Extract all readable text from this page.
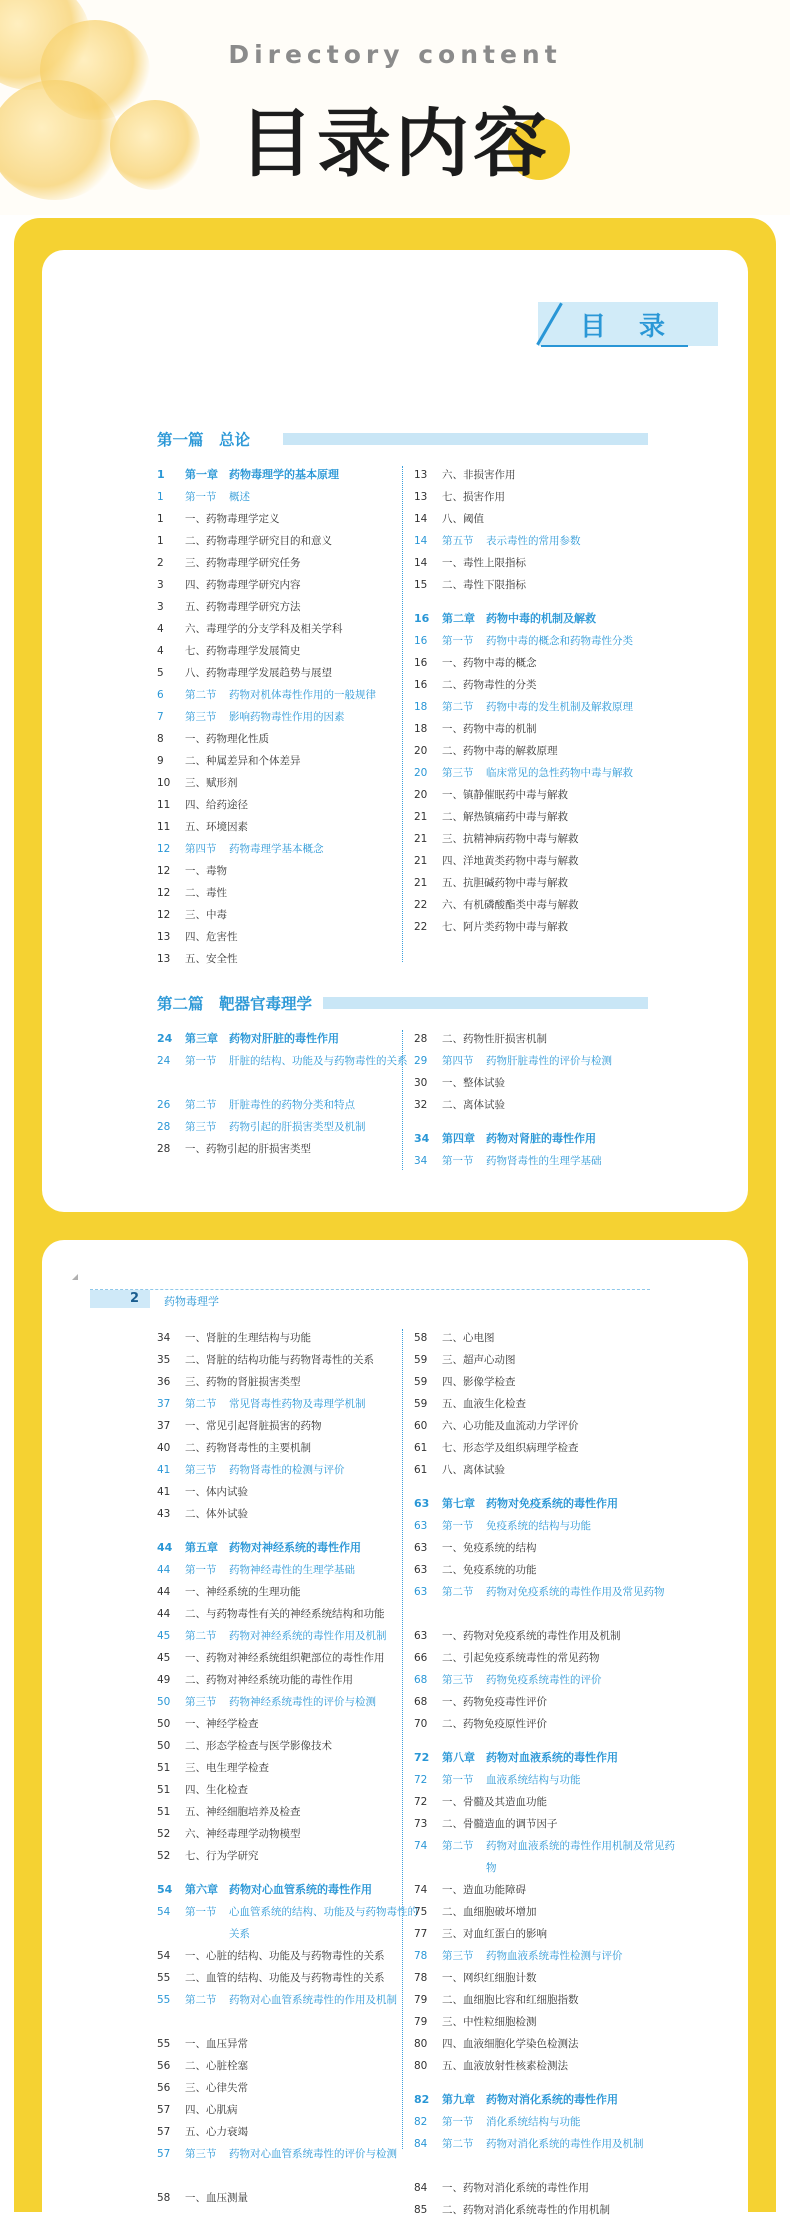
Directory content
目录内容
目 录
第一篇　总论
1	第一章	药物毒理学的基本原理
1	第一节	概述
1	一、药物毒理学定义
1	二、药物毒理学研究目的和意义
2	三、药物毒理学研究任务
3	四、药物毒理学研究内容
3	五、药物毒理学研究方法
4	六、毒理学的分支学科及相关学科
4	七、药物毒理学发展简史
5	八、药物毒理学发展趋势与展望
6	第二节	药物对机体毒性作用的一般规律
7	第三节	影响药物毒性作用的因素
8	一、药物理化性质
9	二、种属差异和个体差异
10	三、赋形剂
11	四、给药途径
11	五、环境因素
12	第四节	药物毒理学基本概念
12	一、毒物
12	二、毒性
12	三、中毒
13	四、危害性
13	五、安全性
13	六、非损害作用
13	七、损害作用
14	八、阈值
14	第五节	表示毒性的常用参数
14	一、毒性上限指标
15	二、毒性下限指标
16	第二章	药物中毒的机制及解救
16	第一节	药物中毒的概念和药物毒性分类
16	一、药物中毒的概念
16	二、药物毒性的分类
18	第二节	药物中毒的发生机制及解救原理
18	一、药物中毒的机制
20	二、药物中毒的解救原理
20	第三节	临床常见的急性药物中毒与解救
20	一、镇静催眠药中毒与解救
21	二、解热镇痛药中毒与解救
21	三、抗精神病药物中毒与解救
21	四、洋地黄类药物中毒与解救
21	五、抗胆碱药物中毒与解救
22	六、有机磷酸酯类中毒与解救
22	七、阿片类药物中毒与解救
第二篇　靶器官毒理学
24	第三章	药物对肝脏的毒性作用
24	第一节	肝脏的结构、功能及与药物毒性的关系
26	第二节	肝脏毒性的药物分类和特点
28	第三节	药物引起的肝损害类型及机制
28	一、药物引起的肝损害类型
28	二、药物性肝损害机制
29	第四节	药物肝脏毒性的评价与检测
30	一、整体试验
32	二、离体试验
34	第四章	药物对肾脏的毒性作用
34	第一节	药物肾毒性的生理学基础
2 药物毒理学
34	一、肾脏的生理结构与功能
35	二、肾脏的结构功能与药物肾毒性的关系
36	三、药物的肾脏损害类型
37	第二节	常见肾毒性药物及毒理学机制
37	一、常见引起肾脏损害的药物
40	二、药物肾毒性的主要机制
41	第三节	药物肾毒性的检测与评价
41	一、体内试验
43	二、体外试验
44	第五章	药物对神经系统的毒性作用
44	第一节	药物神经毒性的生理学基础
44	一、神经系统的生理功能
44	二、与药物毒性有关的神经系统结构和功能
45	第二节	药物对神经系统的毒性作用及机制
45	一、药物对神经系统组织靶部位的毒性作用
49	二、药物对神经系统功能的毒性作用
50	第三节	药物神经系统毒性的评价与检测
50	一、神经学检查
50	二、形态学检查与医学影像技术
51	三、电生理学检查
51	四、生化检查
51	五、神经细胞培养及检查
52	六、神经毒理学动物模型
52	七、行为学研究
54	第六章	药物对心血管系统的毒性作用
54	第一节	心血管系统的结构、功能及与药物毒性的关系
54	一、心脏的结构、功能及与药物毒性的关系
55	二、血管的结构、功能及与药物毒性的关系
55	第二节	药物对心血管系统毒性的作用及机制
55	一、血压异常
56	二、心脏栓塞
56	三、心律失常
57	四、心肌病
57	五、心力衰竭
57	第三节	药物对心血管系统毒性的评价与检测
58	一、血压测量
58	二、心电图
59	三、超声心动图
59	四、影像学检查
59	五、血液生化检查
60	六、心功能及血流动力学评价
61	七、形态学及组织病理学检查
61	八、离体试验
63	第七章	药物对免疫系统的毒性作用
63	第一节	免疫系统的结构与功能
63	一、免疫系统的结构
63	二、免疫系统的功能
63	第二节	药物对免疫系统的毒性作用及常见药物
63	一、药物对免疫系统的毒性作用及机制
66	二、引起免疫系统毒性的常见药物
68	第三节	药物免疫系统毒性的评价
68	一、药物免疫毒性评价
70	二、药物免疫原性评价
72	第八章	药物对血液系统的毒性作用
72	第一节	血液系统结构与功能
72	一、骨髓及其造血功能
73	二、骨髓造血的调节因子
74	第二节	药物对血液系统的毒性作用机制及常见药物
74	一、造血功能障碍
75	二、血细胞破坏增加
77	三、对血红蛋白的影响
78	第三节	药物血液系统毒性检测与评价
78	一、网织红细胞计数
79	二、血细胞比容和红细胞指数
79	三、中性粒细胞检测
80	四、血液细胞化学染色检测法
80	五、血液放射性核素检测法
82	第九章	药物对消化系统的毒性作用
82	第一节	消化系统结构与功能
84	第二节	药物对消化系统的毒性作用及机制
84	一、药物对消化系统的毒性作用
85	二、药物对消化系统毒性的作用机制
